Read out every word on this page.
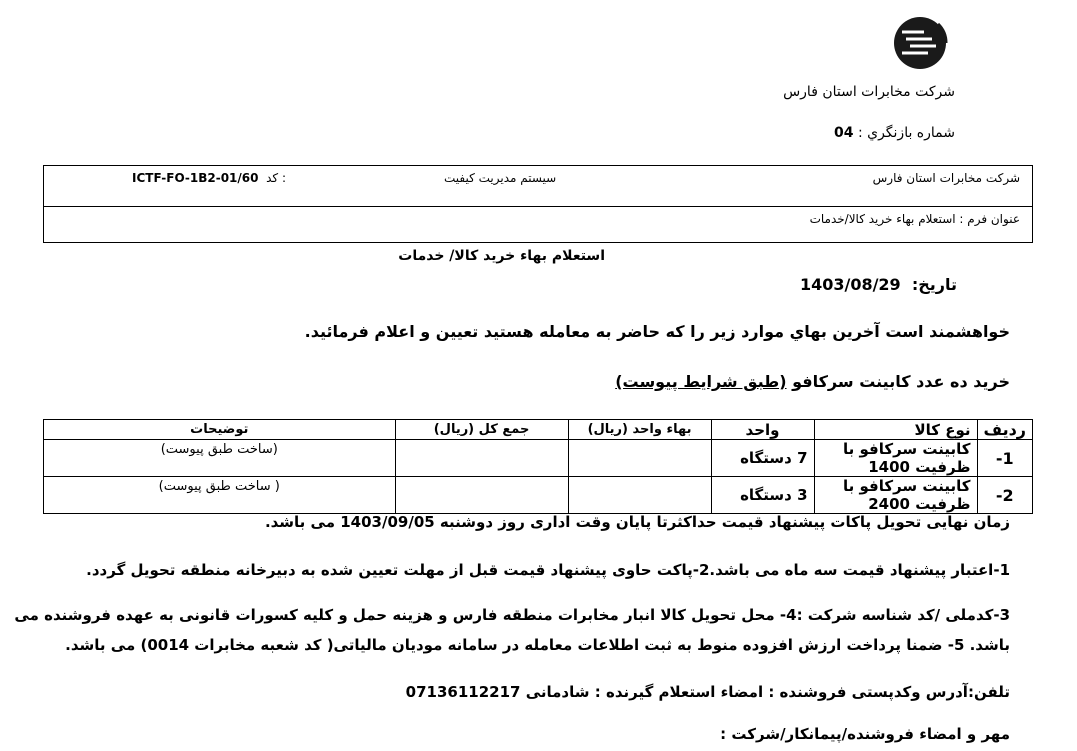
شرکت مخابرات استان فارس
شماره بازنگري : 04
شرکت مخابرات استان فارس
سیستم مدیریت کیفیت
ICTF-FO-1B2-01/60 کد :
عنوان فرم : استعلام بهاء خرید کالا/خدمات
استعلام بهاء خرید کالا/ خدمات
تاریخ:  1403/08/29
خواهشمند است آخرین بهاي موارد زیر را که حاضر به معامله هستید تعیین و اعلام فرمائید.
خرید ده عدد کابینت سرکافو (طبق شرایط پیوست)
ردیف	نوع کالا	واحد	بهاء واحد (ریال)	جمع کل (ریال)	توضیحات
1-	کابینت سرکافو با ظرفیت 1400	7 دستگاه			(ساخت طبق پیوست)
2-	کابینت سرکافو با ظرفیت 2400	3 دستگاه			( ساخت طبق پیوست)
زمان نهایی تحویل پاکات پیشنهاد قیمت حداکثرتا پایان وقت اداری روز دوشنبه 1403/09/05 می باشد.
1-اعتبار پیشنهاد قیمت سه ماه می باشد.2-پاکت حاوی پیشنهاد قیمت قبل از مهلت تعیین شده به دبیرخانه منطقه تحویل گردد.
3-کدملی /کد شناسه شرکت :4- محل تحویل کالا انبار مخابرات منطقه فارس و هزینه حمل و کلیه کسورات قانونی به عهده فروشنده می
باشد. 5- ضمنا پرداخت ارزش افزوده منوط به ثبت اطلاعات معامله در سامانه مودیان مالیاتی( کد شعبه مخابرات 0014) می باشد.
تلفن:آدرس وکدپستی فروشنده : امضاء استعلام گیرنده : شادمانی 07136112217
مهر و امضاء فروشنده/پیمانکار/شرکت :
